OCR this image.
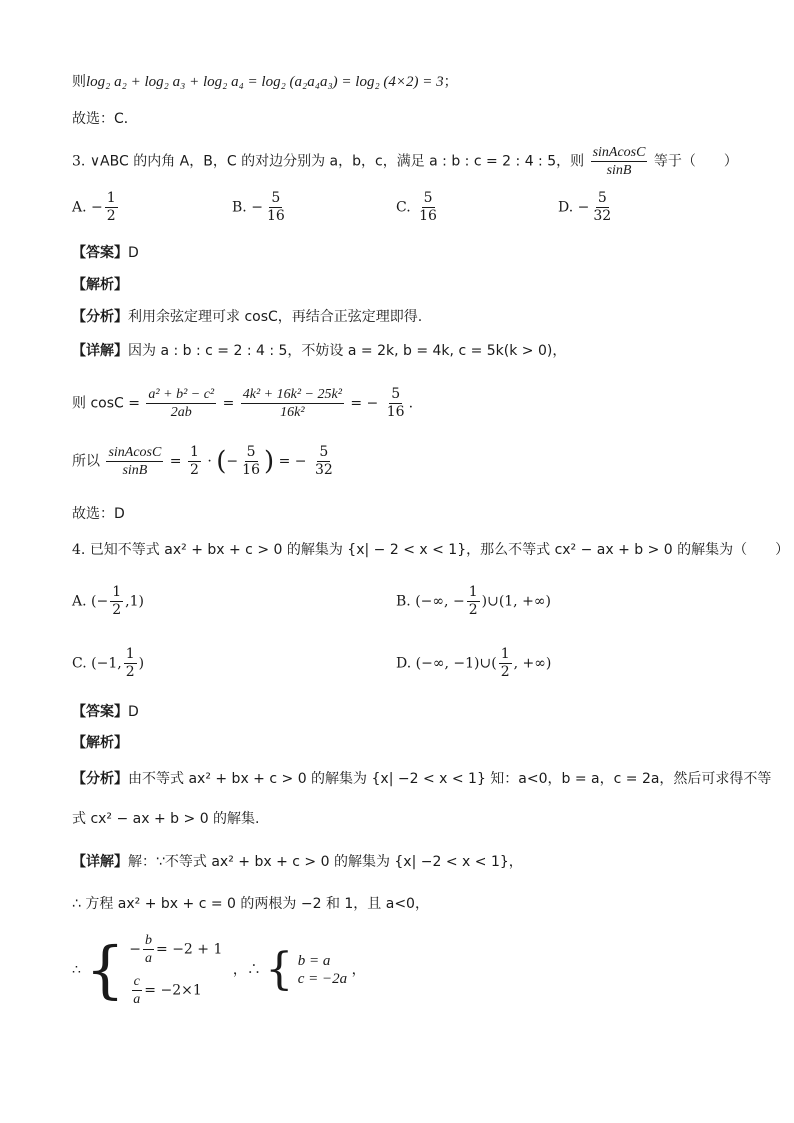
则log₂ a₂ + log₂ a₃ + log₂ a₄ = log₂ (a₂a₄a₃) = log₂ (4×2) = 3；
故选：C．
3. ∨ABC 的内角 A，B，C 的对边分别为 a，b，c，满足 a : b : c = 2 : 4 : 5，则 $\frac{\text{sinAcosC}}{\sin B}$ 等于（　　）
A. − $\frac{1}{2}$	B. − $\frac{5}{16}$	C. $\frac{5}{16}$	D. − $\frac{5}{32}$
【答案】D
【解析】
【分析】利用余弦定理可求 cosC，再结合正弦定理即得.
【详解】因为 a : b : c = 2 : 4 : 5，不妨设 a = 2k, b = 4k, c = 5k(k > 0)，
则 $\cos C = \frac{\text{a² + b² − c²}}{2ab} = \frac{\text{4k² + 16k² − 25k²}}{\text{16k²}}$ = − $\frac{5}{16}$ .
所以 $\frac{\text{sinAcosC}}{\sin B} = \frac{1}{2}$ · (− $\frac{5}{16}$ ) = − $\frac{5}{32}$
故选：D
4. 已知不等式 ax² + bx + c > 0 的解集为 {x| − 2 < x < 1}，那么不等式 cx² − ax + b > 0 的解集为（　　）
A. (− $\frac{1}{2} ,1$)	B. (−∞, − $\frac{1}{2}$ )∪(1, +∞)
C. (−1, $\frac{1}{2}$ )	D. (−∞, −1)∪( $\frac{1}{2}$ , +∞)
【答案】D
【解析】
【分析】由不等式 ax² + bx + c > 0 的解集为 {x| −2 < x < 1} 知：a<0，b = a，c = 2a，然后可求得不等
式 cx² − ax + b > 0 的解集.
【详解】解：∵不等式 ax² + bx + c > 0 的解集为 {x| −2 < x < 1}，
∴ 方程 ax² + bx + c = 0 的两根为 −2 和 1，且 a<0，
∴ { − $\frac{b}{a} = -2 + 1$
$\frac{c}{a} = -2\times 1$
，∴ { b = a
c = −2a
，
